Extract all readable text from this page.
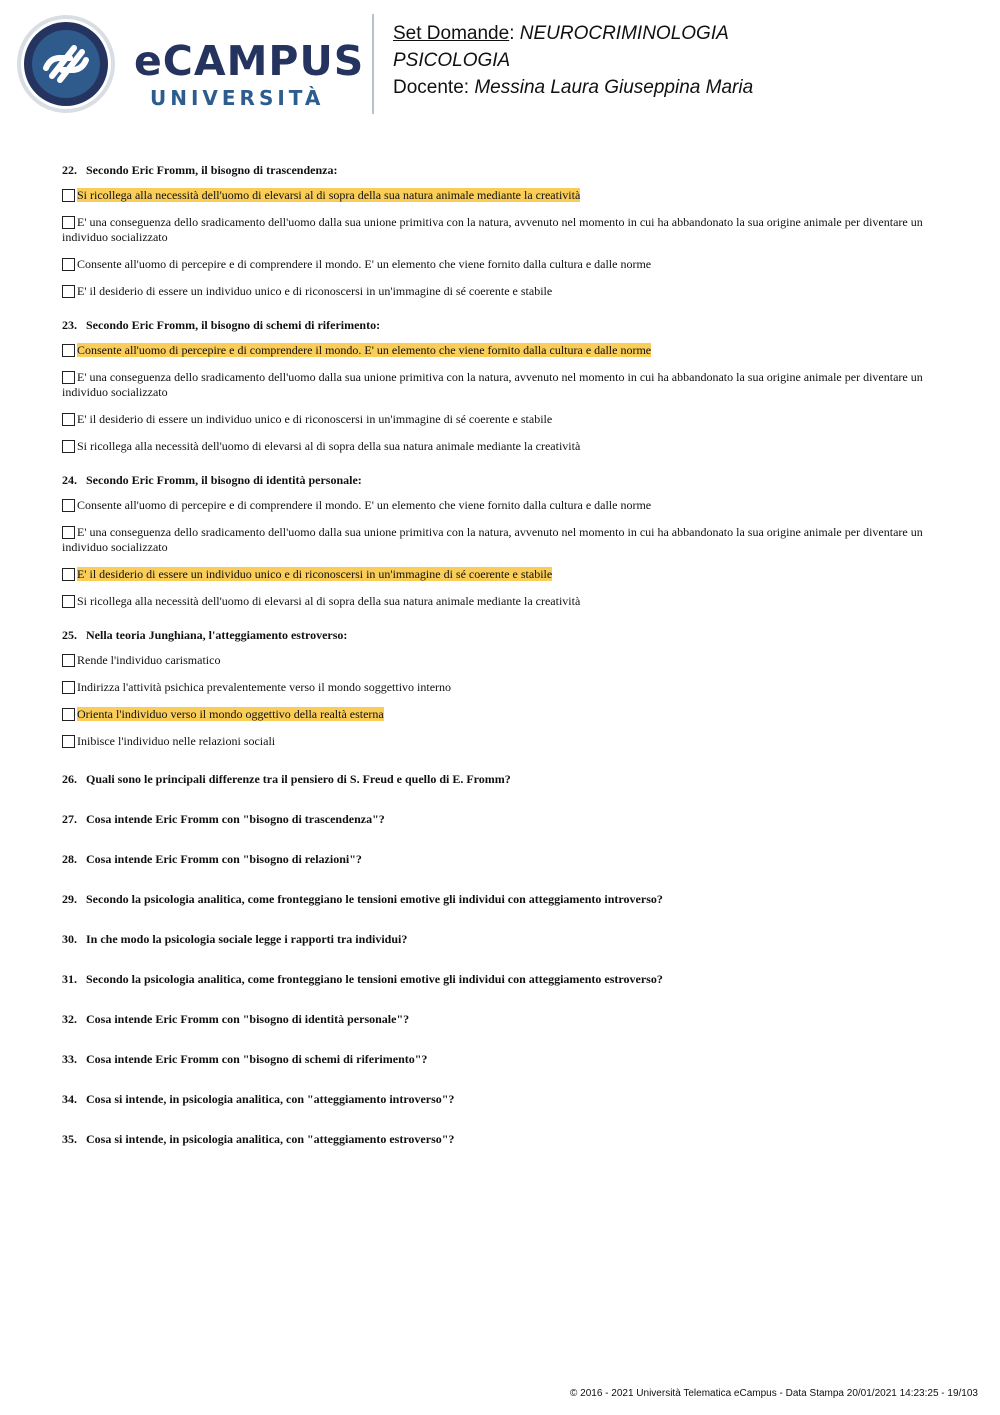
eCAMPUS
UNIVERSITÀ
Set Domande: NEUROCRIMINOLOGIA
PSICOLOGIA
Docente: Messina Laura Giuseppina Maria
22. Secondo Eric Fromm, il bisogno di trascendenza:
Si ricollega alla necessità dell'uomo di elevarsi al di sopra della sua natura animale mediante la creatività
E' una conseguenza dello sradicamento dell'uomo dalla sua unione primitiva con la natura, avvenuto nel momento in cui ha abbandonato la sua origine animale per diventare un individuo socializzato
Consente all'uomo di percepire e di comprendere il mondo. E' un elemento che viene fornito dalla cultura e dalle norme
E' il desiderio di essere un individuo unico e di riconoscersi in un'immagine di sé coerente e stabile
23. Secondo Eric Fromm, il bisogno di schemi di riferimento:
Consente all'uomo di percepire e di comprendere il mondo. E' un elemento che viene fornito dalla cultura e dalle norme
E' una conseguenza dello sradicamento dell'uomo dalla sua unione primitiva con la natura, avvenuto nel momento in cui ha abbandonato la sua origine animale per diventare un individuo socializzato
E' il desiderio di essere un individuo unico e di riconoscersi in un'immagine di sé coerente e stabile
Si ricollega alla necessità dell'uomo di elevarsi al di sopra della sua natura animale mediante la creatività
24. Secondo Eric Fromm, il bisogno di identità personale:
Consente all'uomo di percepire e di comprendere il mondo. E' un elemento che viene fornito dalla cultura e dalle norme
E' una conseguenza dello sradicamento dell'uomo dalla sua unione primitiva con la natura, avvenuto nel momento in cui ha abbandonato la sua origine animale per diventare un individuo socializzato
E' il desiderio di essere un individuo unico e di riconoscersi in un'immagine di sé coerente e stabile
Si ricollega alla necessità dell'uomo di elevarsi al di sopra della sua natura animale mediante la creatività
25. Nella teoria Junghiana, l'atteggiamento estroverso:
Rende l'individuo carismatico
Indirizza l'attività psichica prevalentemente verso il mondo soggettivo interno
Orienta l'individuo verso il mondo oggettivo della realtà esterna
Inibisce l'individuo nelle relazioni sociali
26. Quali sono le principali differenze tra il pensiero di S. Freud e quello di E. Fromm?
27. Cosa intende Eric Fromm con "bisogno di trascendenza"?
28. Cosa intende Eric Fromm con "bisogno di relazioni"?
29. Secondo la psicologia analitica, come fronteggiano le tensioni emotive gli individui con atteggiamento introverso?
30. In che modo la psicologia sociale legge i rapporti tra individui?
31. Secondo la psicologia analitica, come fronteggiano le tensioni emotive gli individui con atteggiamento estroverso?
32. Cosa intende Eric Fromm con "bisogno di identità personale"?
33. Cosa intende Eric Fromm con "bisogno di schemi di riferimento"?
34. Cosa si intende, in psicologia analitica, con "atteggiamento introverso"?
35. Cosa si intende, in psicologia analitica, con "atteggiamento estroverso"?
© 2016 - 2021 Università Telematica eCampus - Data Stampa 20/01/2021 14:23:25 - 19/103
